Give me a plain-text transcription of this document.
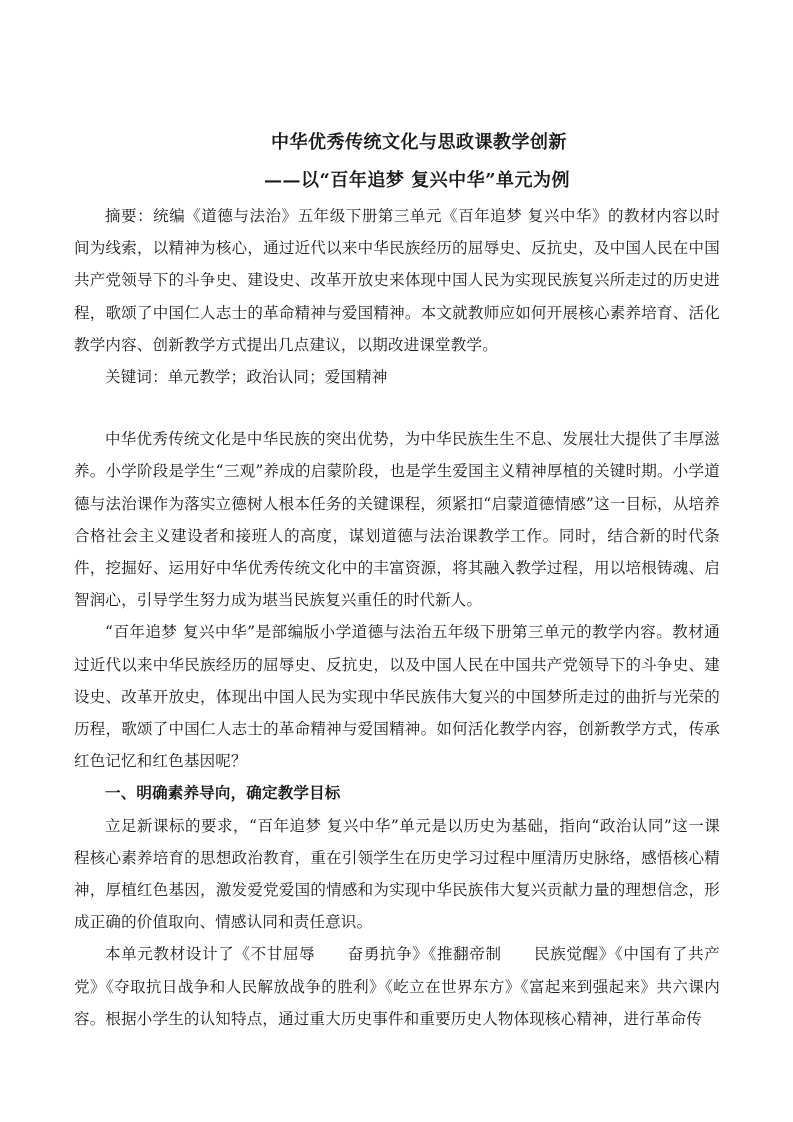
中华优秀传统文化与思政课教学创新
——以“百年追梦 复兴中华”单元为例

摘要：统编《道德与法治》五年级下册第三单元《百年追梦 复兴中华》的教材内容以时间为线索，以精神为核心，通过近代以来中华民族经历的屈辱史、反抗史，及中国人民在中国共产党领导下的斗争史、建设史、改革开放史来体现中国人民为实现民族复兴所走过的历史进程，歌颂了中国仁人志士的革命精神与爱国精神。本文就教师应如何开展核心素养培育、活化教学内容、创新教学方式提出几点建议，以期改进课堂教学。

关键词：单元教学；政治认同；爱国精神

中华优秀传统文化是中华民族的突出优势，为中华民族生生不息、发展壮大提供了丰厚滋养。小学阶段是学生“三观”养成的启蒙阶段，也是学生爱国主义精神厚植的关键时期。小学道德与法治课作为落实立德树人根本任务的关键课程，须紧扣“启蒙道德情感”这一目标，从培养合格社会主义建设者和接班人的高度，谋划道德与法治课教学工作。同时，结合新的时代条件，挖掘好、运用好中华优秀传统文化中的丰富资源，将其融入教学过程，用以培根铸魂、启智润心，引导学生努力成为堪当民族复兴重任的时代新人。

“百年追梦 复兴中华”是部编版小学道德与法治五年级下册第三单元的教学内容。教材通过近代以来中华民族经历的屈辱史、反抗史，以及中国人民在中国共产党领导下的斗争史、建设史、改革开放史，体现出中国人民为实现中华民族伟大复兴的中国梦所走过的曲折与光荣的历程，歌颂了中国仁人志士的革命精神与爱国精神。如何活化教学内容，创新教学方式，传承红色记忆和红色基因呢？

一、明确素养导向，确定教学目标

立足新课标的要求，“百年追梦 复兴中华”单元是以历史为基础，指向“政治认同”这一课程核心素养培育的思想政治教育，重在引领学生在历史学习过程中厘清历史脉络，感悟核心精神，厚植红色基因，激发爱党爱国的情感和为实现中华民族伟大复兴贡献力量的理想信念，形成正确的价值取向、情感认同和责任意识。

本单元教材设计了《不甘屈辱　　奋勇抗争》《推翻帝制　　民族觉醒》《中国有了共产党》《夺取抗日战争和人民解放战争的胜利》《屹立在世界东方》《富起来到强起来》共六课内容。根据小学生的认知特点，通过重大历史事件和重要历史人物体现核心精神，进行革命传
